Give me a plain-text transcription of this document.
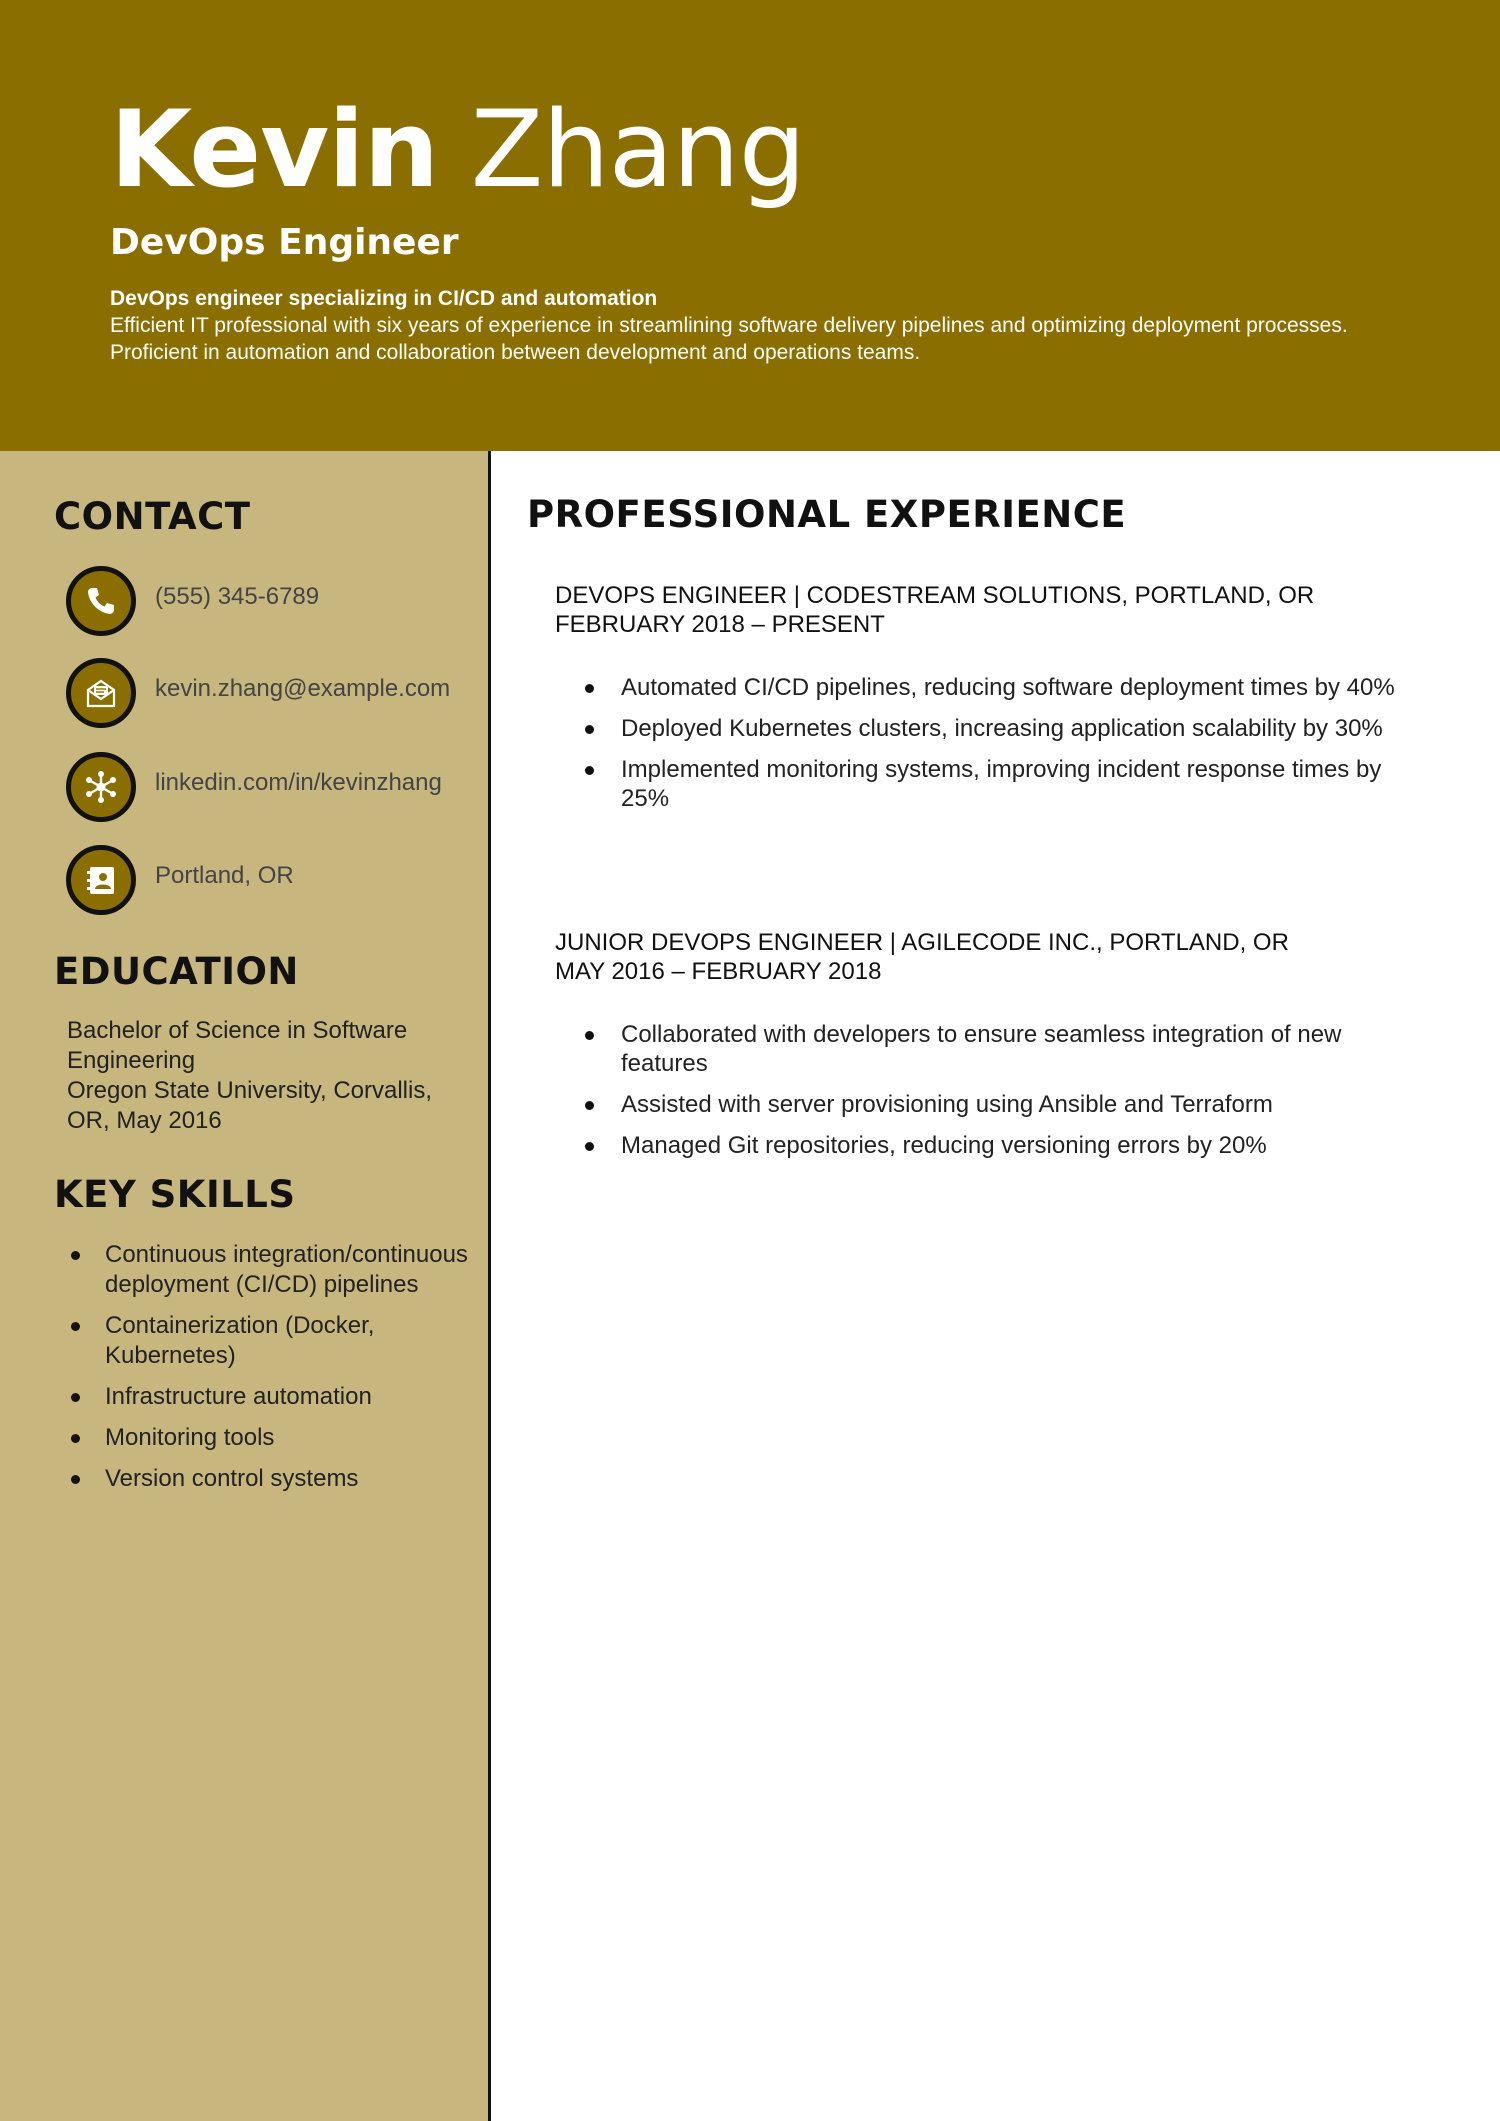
Kevin Zhang
DevOps Engineer
DevOps engineer specializing in CI/CD and automation
Efficient IT professional with six years of experience in streamlining software delivery pipelines and optimizing deployment processes. Proficient in automation and collaboration between development and operations teams.
CONTACT
(555) 345-6789
kevin.zhang@example.com
linkedin.com/in/kevinzhang
Portland, OR
EDUCATION
Bachelor of Science in Software Engineering
Oregon State University, Corvallis, OR, May 2016
KEY SKILLS
Continuous integration/continuous deployment (CI/CD) pipelines
Containerization (Docker, Kubernetes)
Infrastructure automation
Monitoring tools
Version control systems
PROFESSIONAL EXPERIENCE
DEVOPS ENGINEER | CODESTREAM SOLUTIONS, PORTLAND, OR
FEBRUARY 2018 – PRESENT
Automated CI/CD pipelines, reducing software deployment times by 40%
Deployed Kubernetes clusters, increasing application scalability by 30%
Implemented monitoring systems, improving incident response times by 25%
JUNIOR DEVOPS ENGINEER | AGILECODE INC., PORTLAND, OR
MAY 2016 – FEBRUARY 2018
Collaborated with developers to ensure seamless integration of new features
Assisted with server provisioning using Ansible and Terraform
Managed Git repositories, reducing versioning errors by 20%
